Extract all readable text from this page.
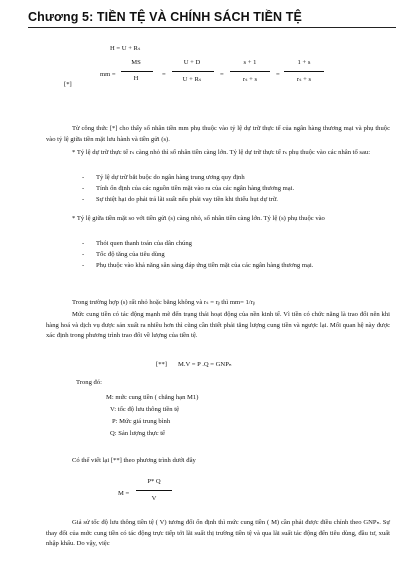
Chương 5: TIỀN TỆ VÀ CHÍNH SÁCH TIỀN TỆ
H = U + Rₛ
[*]
mm =
MS
H
=
U + D
U + Rₛ
=
s + 1
rₛ + s
=
1 + s
rₛ + s
Từ công thức [*] cho thấy số nhân tiền mm phụ thuộc vào tỷ lệ dự trữ thực tế của ngân hàng thương mại và phụ thuộc vào tỷ lệ giữa tiền mặt lưu hành và tiền gửi (s).
* Tỷ lệ dự trữ thực tế rₛ càng nhỏ thì số nhân tiền càng lớn. Tỷ lệ dự trữ thực tế rₛ phụ thuộc vào các nhân tố sau:
- Tỷ lệ dự trữ bắt buộc do ngân hàng trung ương quy định
- Tính ổn định của các nguồn tiền mặt vào ra của các ngân hàng thương mại.
- Sự thiệt hại do phải trả lãi suất nếu phải vay tiền khi thiếu hụt dự trữ.
* Tỷ lệ giữa tiền mặt so với tiền gửi (s) càng nhỏ, số nhân tiền càng lớn. Tỷ lệ (s) phụ thuộc vào
- Thói quen thanh toán của dân chúng
- Tốc độ tăng của tiêu dùng
- Phụ thuộc vào khả năng sẵn sàng đáp ứng tiền mặt của các ngân hàng thương mại.
Trong trường hợp (s) rất nhỏ hoặc bằng không và rₛ = rᵦ thì mm= 1/rᵦ
Mức cung tiền có tác động mạnh mẽ đến trạng thái hoạt động của nền kinh tế. Vì tiền có chức năng là trao đổi nên khi hàng hoá và dịch vụ được sản xuất ra nhiều hơn thì cũng cần thiết phải tăng lượng cung tiền và ngược lại. Mối quan hệ này được xác định trong phương trình trao đổi về lượng của tiền tệ.
[**] M.V = P .Q = GNPₙ
Trong đó:
M: mức cung tiền ( chẳng hạn M1)
V: tốc độ lưu thông tiền tệ
P: Mức giá trung bình
Q: Sản lượng thực tế
Có thể viết lại [**] theo phương trình dưới đây
M =
P* Q
V
Giả sử tốc độ lưu thông tiền tệ ( V) tương đối ổn định thì mức cung tiền ( M) cần phải được điều chỉnh theo GNPₙ. Sự thay đổi của mức cung tiền có tác động trực tiếp tới lãi suất thị trường tiền tệ và qua lãi suất tác động đến tiêu dùng, đầu tư, xuất nhập khẩu. Do vậy, việc
